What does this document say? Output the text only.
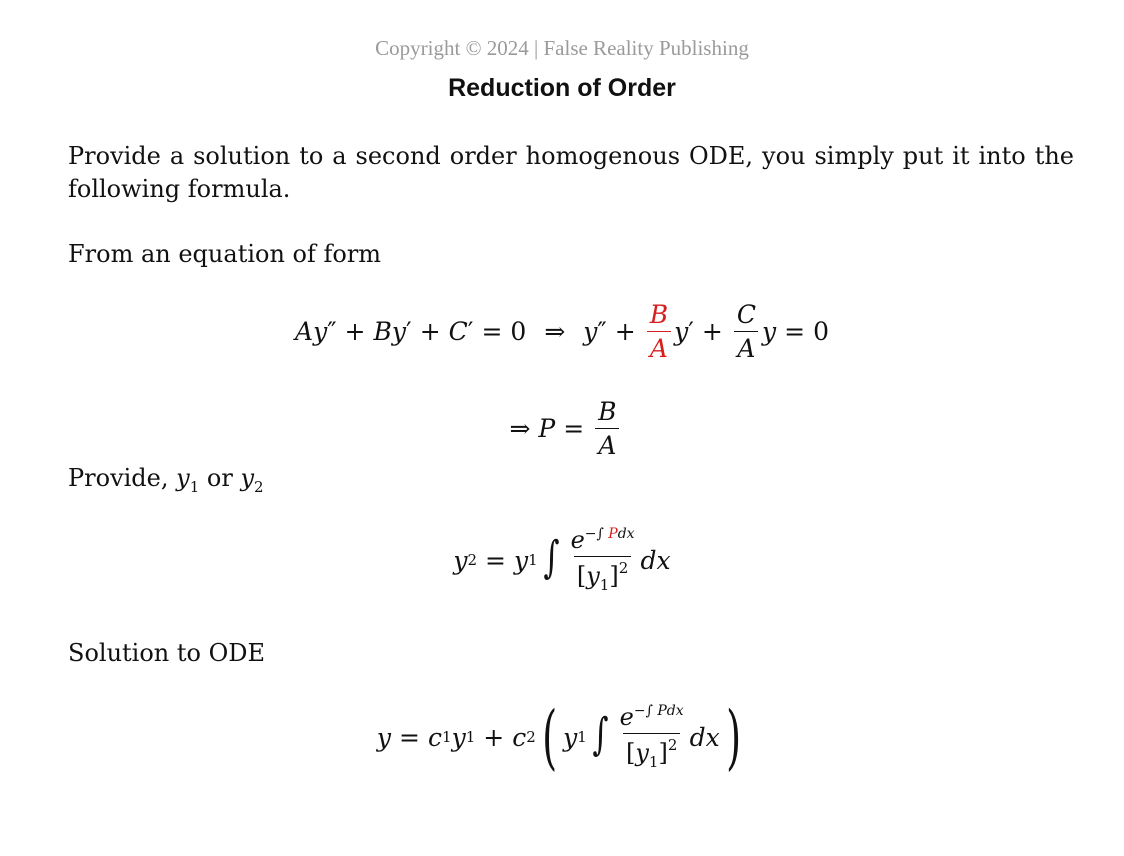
Copyright © 2024 | False Reality Publishing
Reduction of Order
Provide a solution to a second order homogenous ODE, you simply put it into the following formula.
From an equation of form
A y ″ + B y ′ + C ′ = 0 ⇒ y ″ + $\frac{B}{A}$ y ′ + $\frac{C}{A}$ y = 0
⇒ $P = \frac{B}{A}$
Provide, $y_1$ or $y_2$
y 2 = y 1 ∫ $\frac{e^{-\int Pdx}}{[y_1]^2}$ dx
Solution to ODE
y = c 1 y 1 + c 2 ( y 1 ∫ $\frac{e^{-\int Pdx}}{[y_1]^2}$ dx )
